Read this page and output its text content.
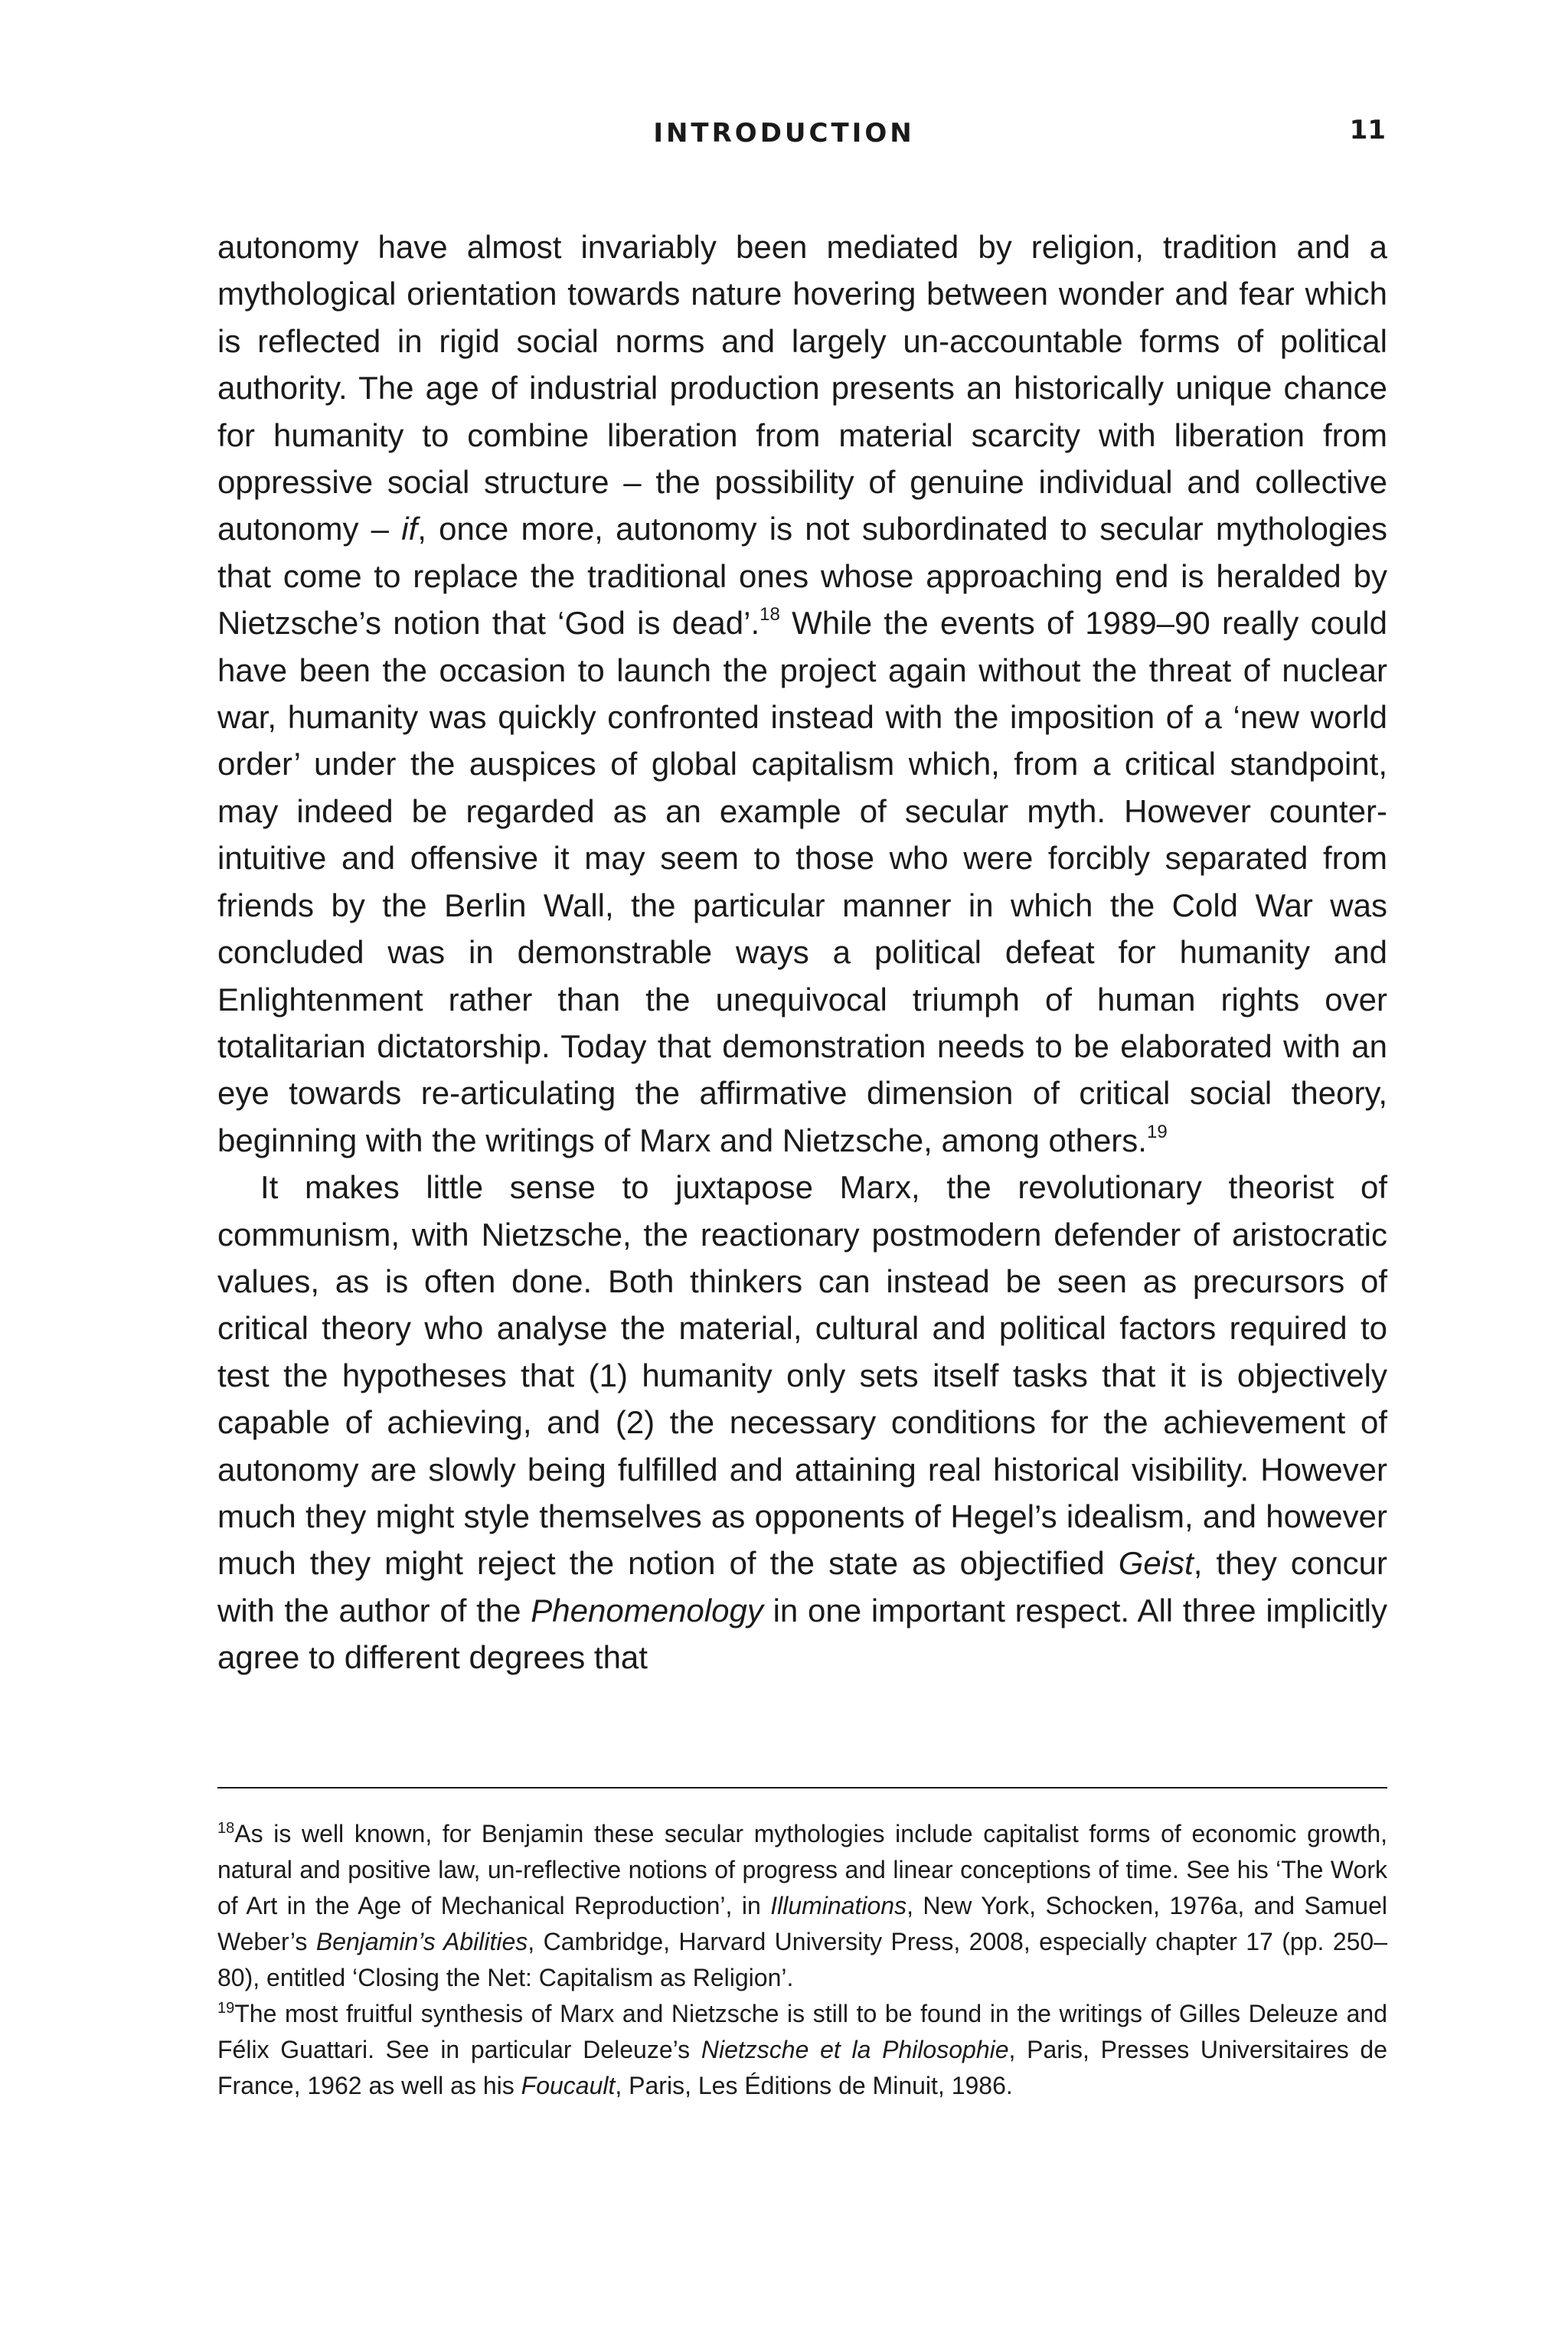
INTRODUCTION	11

autonomy have almost invariably been mediated by religion, tradition and a mythological orientation towards nature hovering between wonder and fear which is reflected in rigid social norms and largely un-accountable forms of political authority. The age of industrial production presents an historically unique chance for humanity to combine liberation from material scarcity with liberation from oppressive social structure – the possibility of genuine individual and collective autonomy – if, once more, autonomy is not subordinated to secular mythologies that come to replace the traditional ones whose approaching end is heralded by Nietzsche’s notion that ‘God is dead’.$^{18}$ While the events of 1989–90 really could have been the occasion to launch the project again without the threat of nuclear war, humanity was quickly confronted instead with the imposition of a ‘new world order’ under the auspices of global capitalism which, from a critical standpoint, may indeed be regarded as an example of secular myth. However counter-intuitive and offensive it may seem to those who were forcibly separated from friends by the Berlin Wall, the particular manner in which the Cold War was concluded was in demonstrable ways a political defeat for humanity and Enlightenment rather than the unequivocal triumph of human rights over totalitarian dictatorship. Today that demonstration needs to be elaborated with an eye towards re-articulating the affirmative dimension of critical social theory, beginning with the writings of Marx and Nietzsche, among others.$^{19}$

It makes little sense to juxtapose Marx, the revolutionary theorist of communism, with Nietzsche, the reactionary postmodern defender of aristocratic values, as is often done. Both thinkers can instead be seen as precursors of critical theory who analyse the material, cultural and political factors required to test the hypotheses that (1) humanity only sets itself tasks that it is objectively capable of achieving, and (2) the necessary conditions for the achievement of autonomy are slowly being fulfilled and attaining real historical visibility. However much they might style themselves as opponents of Hegel’s idealism, and however much they might reject the notion of the state as objectified Geist, they concur with the author of the Phenomenology in one important respect. All three implicitly agree to different degrees that

$^{18}$As is well known, for Benjamin these secular mythologies include capitalist forms of economic growth, natural and positive law, un-reflective notions of progress and linear conceptions of time. See his ‘The Work of Art in the Age of Mechanical Reproduction’, in Illuminations, New York, Schocken, 1976a, and Samuel Weber’s Benjamin’s Abilities, Cambridge, Harvard University Press, 2008, especially chapter 17 (pp. 250–80), entitled ‘Closing the Net: Capitalism as Religion’.

$^{19}$The most fruitful synthesis of Marx and Nietzsche is still to be found in the writings of Gilles Deleuze and Félix Guattari. See in particular Deleuze’s Nietzsche et la Philosophie, Paris, Presses Universitaires de France, 1962 as well as his Foucault, Paris, Les Éditions de Minuit, 1986.
